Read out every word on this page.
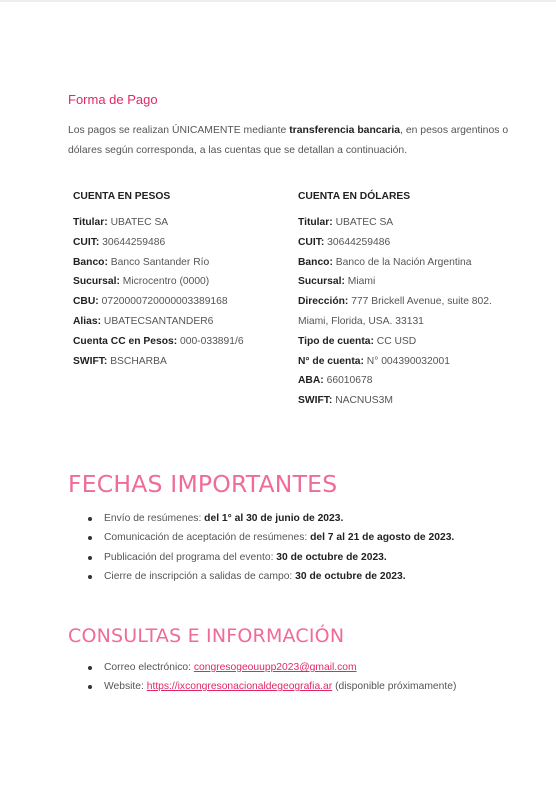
Forma de Pago

Los pagos se realizan ÚNICAMENTE mediante transferencia bancaria, en pesos argentinos o dólares según corresponda, a las cuentas que se detallan a continuación.

CUENTA EN PESOS
Titular: UBATEC SA
CUIT: 30644259486
Banco: Banco Santander Río
Sucursal: Microcentro (0000)
CBU: 0720000720000003389168
Alias: UBATECSANTANDER6
Cuenta CC en Pesos: 000-033891/6
SWIFT: BSCHARBA
CUENTA EN DÓLARES
Titular: UBATEC SA
CUIT: 30644259486
Banco: Banco de la Nación Argentina
Sucursal: Miami
Dirección: 777 Brickell Avenue, suite 802.
Miami, Florida, USA. 33131
Tipo de cuenta: CC USD
N° de cuenta: N° 004390032001
ABA: 66010678
SWIFT: NACNUS3M
FECHAS IMPORTANTES
Envío de resúmenes: del 1° al 30 de junio de 2023.
Comunicación de aceptación de resúmenes: del 7 al 21 de agosto de 2023.
Publicación del programa del evento: 30 de octubre de 2023.
Cierre de inscripción a salidas de campo: 30 de octubre de 2023.
CONSULTAS E INFORMACIÓN
Correo electrónico: congresogeouupp2023@gmail.com
Website: https://ixcongresonacionaldegeografia.ar (disponible próximamente)
